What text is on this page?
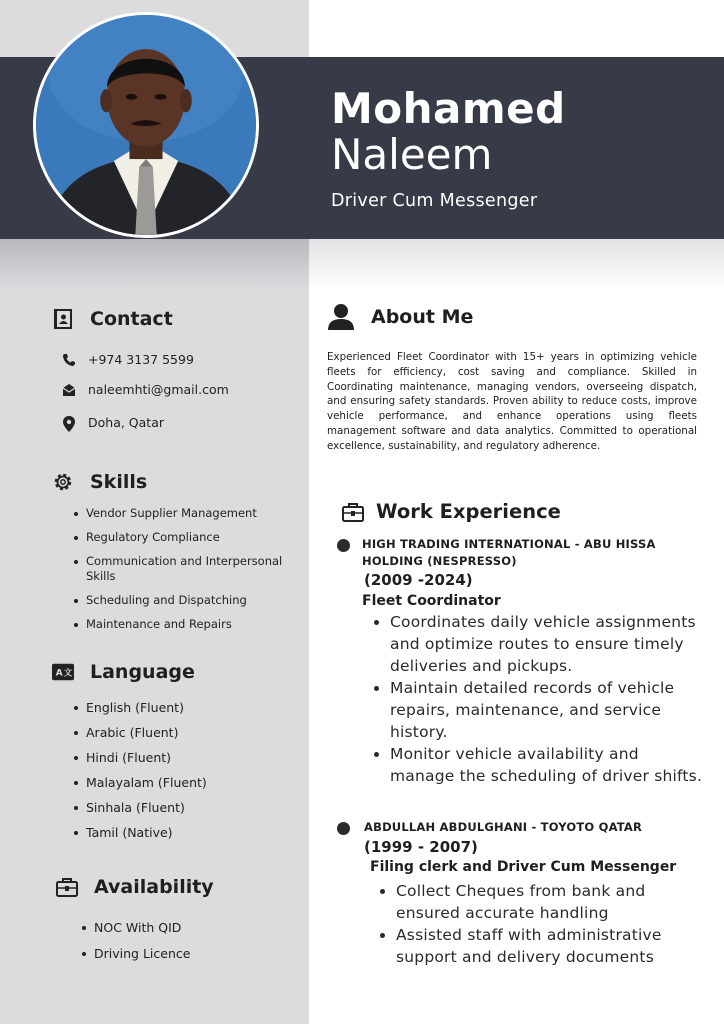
Mohamed
Naleem
Driver Cum Messenger
Contact
+974 3137 5599
naleemhti@gmail.com
Doha, Qatar
Skills
Vendor Supplier Management
Regulatory Compliance
Communication and Interpersonal Skills
Scheduling and Dispatching
Maintenance and Repairs
A 文 Language
English (Fluent)
Arabic (Fluent)
Hindi (Fluent)
Malayalam (Fluent)
Sinhala (Fluent)
Tamil (Native)
Availability
NOC With QID
Driving Licence
About Me
Experienced Fleet Coordinator with 15+ years in optimizing vehicle fleets for efficiency, cost saving and compliance. Skilled in Coordinating maintenance, managing vendors, overseeing dispatch, and ensuring safety standards. Proven ability to reduce costs, improve vehicle performance, and enhance operations using fleets management software and data analytics. Committed to operational excellence, sustainability, and regulatory adherence.
Work Experience
HIGH TRADING INTERNATIONAL - ABU HISSA HOLDING (NESPRESSO)
(2009 -2024)
Fleet Coordinator
Coordinates daily vehicle assignments and optimize routes to ensure timely deliveries and pickups.
Maintain detailed records of vehicle repairs, maintenance, and service history.
Monitor vehicle availability and manage the scheduling of driver shifts.
ABDULLAH ABDULGHANI - TOYOTO QATAR
(1999 - 2007)
Filing clerk and Driver Cum Messenger
Collect Cheques from bank and ensured accurate handling
Assisted staff with administrative support and delivery documents
